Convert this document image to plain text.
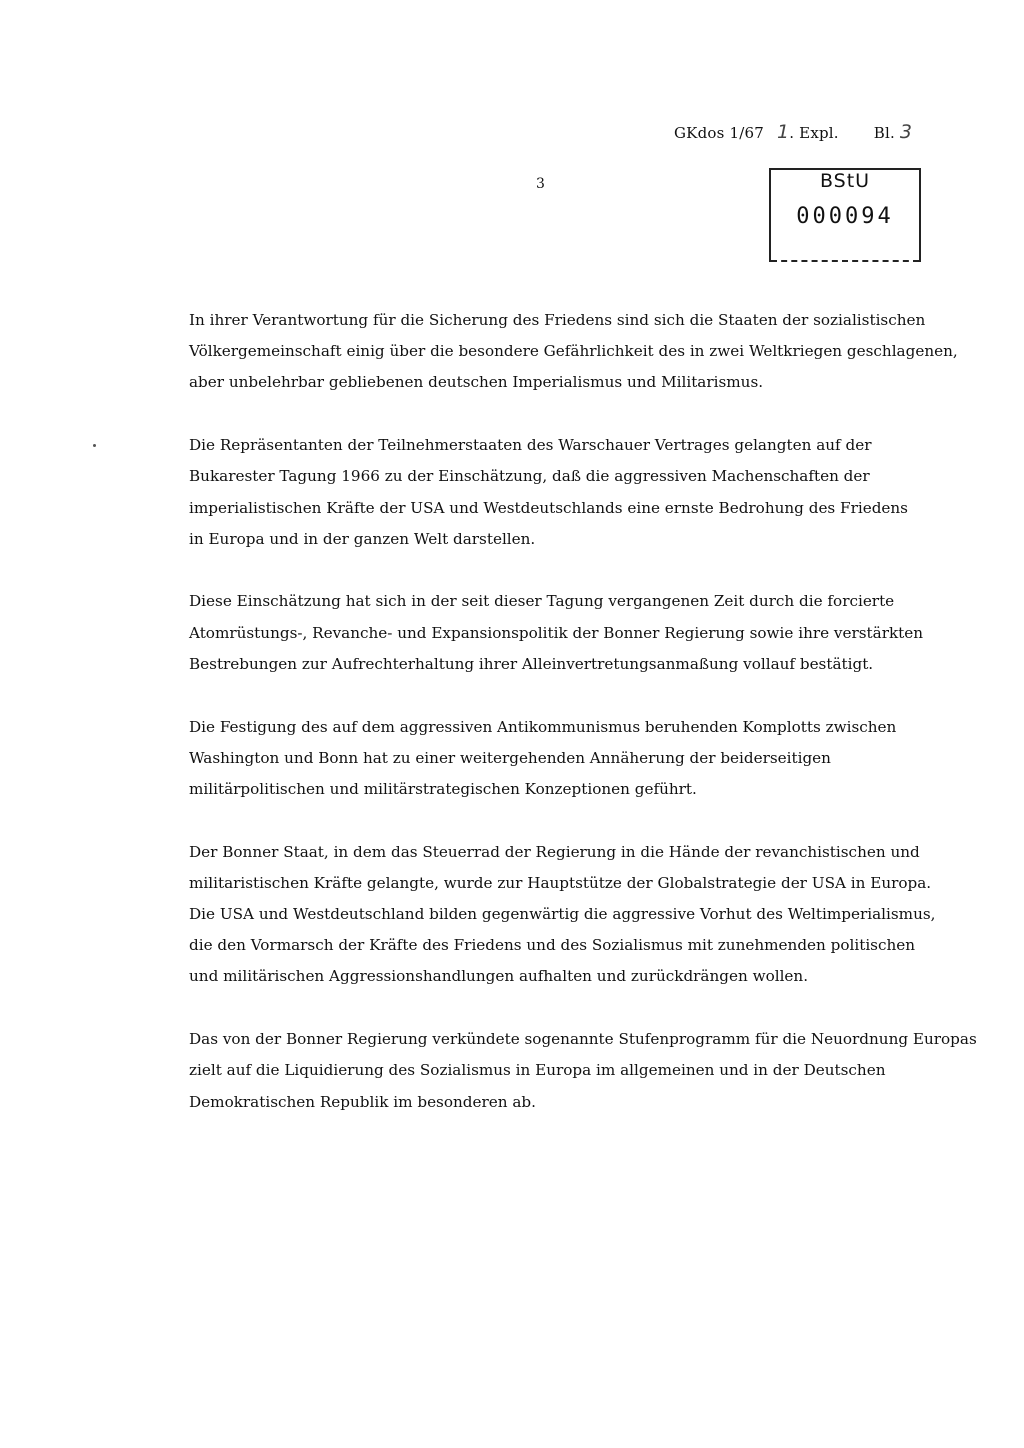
GKdos 1/67 1. Expl. Bl. 3
3	BStU
000094

In ihrer Verantwortung für die Sicherung des Friedens sind sich die Staaten der sozialistischen
Völkergemeinschaft einig über die besondere Gefährlichkeit des in zwei Weltkriegen geschlagenen,
aber unbelehrbar gebliebenen deutschen Imperialismus und Militarismus.

Die Repräsentanten der Teilnehmerstaaten des Warschauer Vertrages gelangten auf der
Bukarester Tagung 1966 zu der Einschätzung, daß die aggressiven Machenschaften der
imperialistischen Kräfte der USA und Westdeutschlands eine ernste Bedrohung des Friedens
in Europa und in der ganzen Welt darstellen.

Diese Einschätzung hat sich in der seit dieser Tagung vergangenen Zeit durch die forcierte
Atomrüstungs-, Revanche- und Expansionspolitik der Bonner Regierung sowie ihre verstärkten
Bestrebungen zur Aufrechterhaltung ihrer Alleinvertretungsanmaßung vollauf bestätigt.

Die Festigung des auf dem aggressiven Antikommunismus beruhenden Komplotts zwischen
Washington und Bonn hat zu einer weitergehenden Annäherung der beiderseitigen
militärpolitischen und militärstrategischen Konzeptionen geführt.

Der Bonner Staat, in dem das Steuerrad der Regierung in die Hände der revanchistischen und
militaristischen Kräfte gelangte, wurde zur Hauptstütze der Globalstrategie der USA in Europa.
Die USA und Westdeutschland bilden gegenwärtig die aggressive Vorhut des Weltimperialismus,
die den Vormarsch der Kräfte des Friedens und des Sozialismus mit zunehmenden politischen
und militärischen Aggressionshandlungen aufhalten und zurückdrängen wollen.

Das von der Bonner Regierung verkündete sogenannte Stufenprogramm für die Neuordnung Europas
zielt auf die Liquidierung des Sozialismus in Europa im allgemeinen und in der Deutschen
Demokratischen Republik im besonderen ab.
